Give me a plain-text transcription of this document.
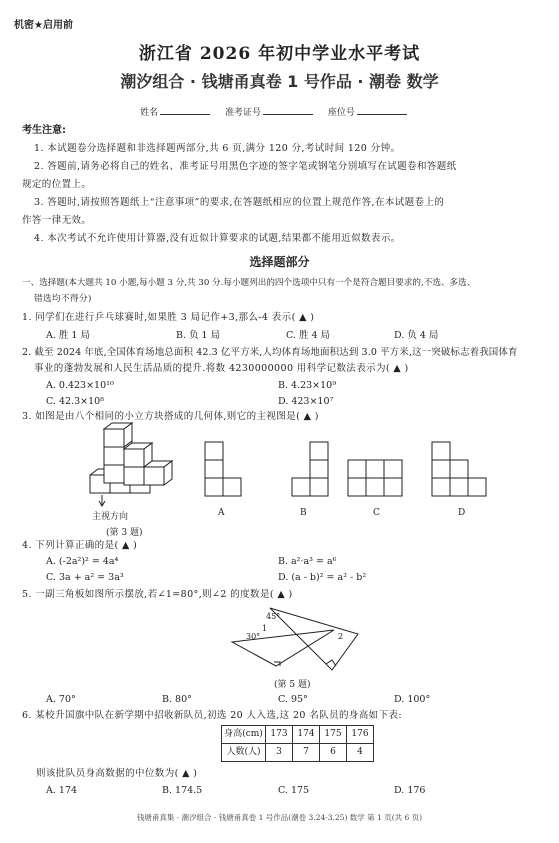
机密★启用前
浙江省 2026 年初中学业水平考试
潮汐组合 · 钱塘甬真卷 1 号作品 · 潮卷 数学
姓名	准考证号	座位号
考生注意:
1. 本试题卷分选择题和非选择题两部分,共 6 页,满分 120 分,考试时间 120 分钟。
2. 答题前,请务必将自己的姓名、准考证号用黑色字迹的签字笔或钢笔分别填写在试题卷和答题纸
规定的位置上。
3. 答题时,请按照答题纸上“注意事项”的要求,在答题纸相应的位置上规范作答,在本试题卷上的
作答一律无效。
4. 本次考试不允许使用计算器,没有近似计算要求的试题,结果都不能用近似数表示。
选择题部分
一、选择题(本大题共 10 小题,每小题 3 分,共 30 分.每小题列出的四个选项中只有一个是符合题目要求的,不选、多选、
错选均不得分)
1. 同学们在进行乒乓球赛时,如果胜 3 局记作+3,那么-4 表示( ▲ )
A. 胜 1 局	B. 负 1 局	C. 胜 4 局	D. 负 4 局
2. 截至 2024 年底,全国体育场地总面积 42.3 亿平方米,人均体育场地面积达到 3.0 平方米,这一突破标志着我国体育
事业的蓬勃发展和人民生活品质的提升.将数 4230000000 用科学记数法表示为( ▲ )
A. 0.423×10¹⁰	B. 4.23×10⁹
C. 42.3×10⁸	D. 423×10⁷
3. 如图是由八个相同的小立方块搭成的几何体,则它的主视图是( ▲ )
主视方向
(第 3 题)
A	B	C	D
4. 下列计算正确的是( ▲ )
A. (-2a²)² = 4a⁴	B. a²·a³ = a⁶
C. 3a + a² = 3a³	D. (a - b)² = a² - b²
5. 一副三角板如图所示摆放,若∠1=80°,则∠2 的度数是( ▲ )
45°
30°
1
2
(第 5 题)
A. 70°	B. 80°	C. 95°	D. 100°
6. 某校升国旗中队在新学期中招收新队员,初选 20 人入选,这 20 名队员的身高如下表:
身高(cm)	173	174	175	176
人数(人)	3	7	6	4
则该批队员身高数据的中位数为( ▲ )
A. 174	B. 174.5	C. 175	D. 176
钱塘甬真集 · 潮汐组合 · 钱塘甬真卷 1 号作品(潮卷 3.24-3.25) 数学 第 1 页(共 6 页)
